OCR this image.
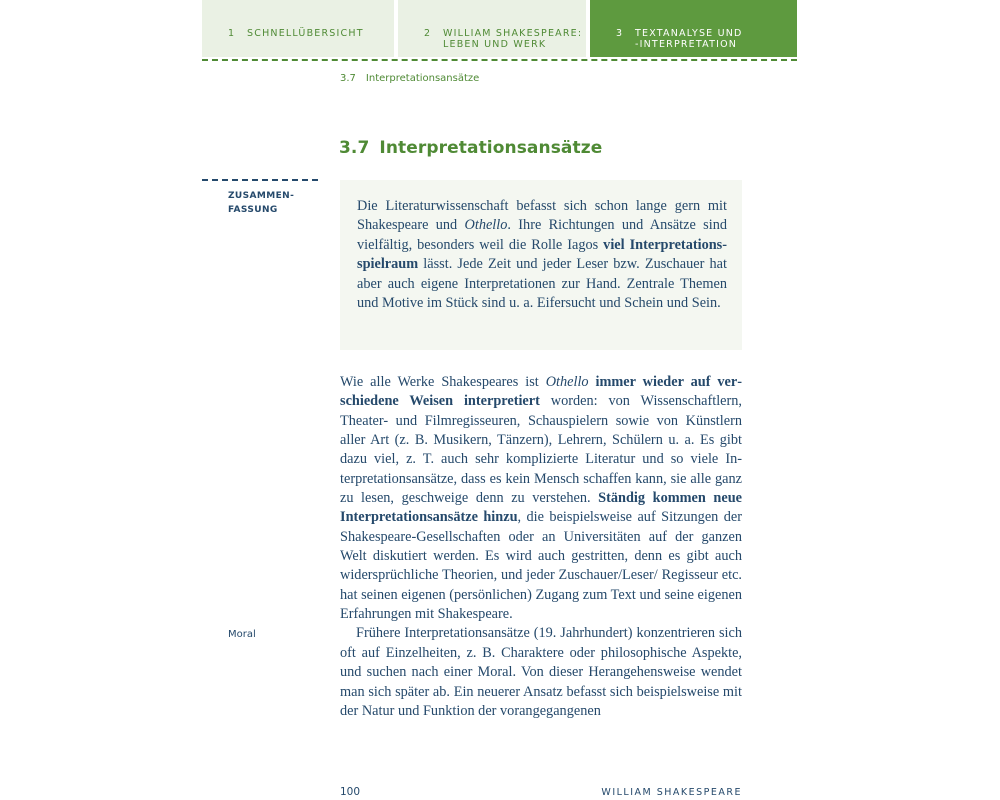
1 SCHNELLÜBERSICHT	2 WILLIAM SHAKESPEARE:
LEBEN UND WERK
3 TEXTANALYSE UND
-INTERPRETATION
3.7 Interpretationsansätze
3.7 Interpretationsansätze
ZUSAMMEN-
FASSUNG	Die Literaturwissenschaft befasst sich schon lange gern mit Shakespeare und Othello. Ihre Richtungen und Ansätze sind vielfältig, besonders weil die Rolle Iagos viel Interpretationsspielraum lässt. Jede Zeit und jeder Leser bzw. Zuschauer hat aber auch eigene Interpretationen zur Hand. Zentrale Themen und Motive im Stück sind u. a. Eifersucht und Schein und Sein.

Wie alle Werke Shakespeares ist Othello immer wieder auf verschiedene Weisen interpretiert worden: von Wissenschaftlern, Theater- und Filmregisseuren, Schauspielern sowie von Künstlern aller Art (z. B. Musikern, Tänzern), Lehrern, Schülern u. a. Es gibt dazu viel, z. T. auch sehr komplizierte Literatur und so viele Interpretationsansätze, dass es kein Mensch schaffen kann, sie alle ganz zu lesen, geschweige denn zu verstehen. Ständig kommen neue Interpretationsansätze hinzu, die beispielsweise auf Sitzungen der Shakespeare-Gesellschaften oder an Universitäten auf der ganzen Welt diskutiert werden. Es wird auch gestritten, denn es gibt auch widersprüchliche Theorien, und jeder Zuschauer/Leser/ Regisseur etc. hat seinen eigenen (persönlichen) Zugang zum Text und seine eigenen Erfahrungen mit Shakespeare.

Frühere Interpretationsansätze (19. Jahrhundert) konzentrieren sich oft auf Einzelheiten, z. B. Charaktere oder philosophische Aspekte, und suchen nach einer Moral. Von dieser Herangehensweise wendet man sich später ab. Ein neuerer Ansatz befasst sich beispielsweise mit der Natur und Funktion der vorangegangenen

Moral
100	WILLIAM SHAKESPEARE
